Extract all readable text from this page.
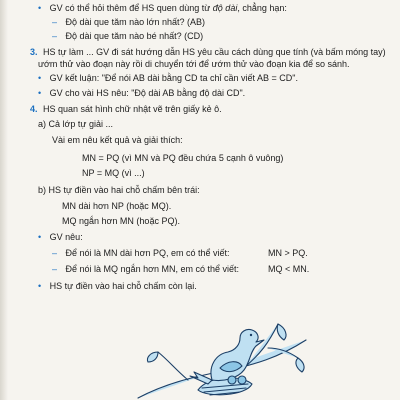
• GV có thể hỏi thêm để HS quen dùng từ độ dài, chẳng hạn:
– Độ dài que tăm nào lớn nhất? (AB)
– Độ dài que tăm nào bé nhất? (CD)
3. HS tự làm ... GV đi sát hướng dẫn HS yêu cầu cách dùng que tính (và bấm móng tay)
ướm thử vào đoạn này rồi di chuyển tới để ướm thử vào đoạn kia để so sánh.
• GV kết luận: "Để nói AB dài bằng CD ta chỉ cần viết AB = CD".
• GV cho vài HS nêu: "Độ dài AB bằng độ dài CD".
4. HS quan sát hình chữ nhật vẽ trên giấy kẻ ô.
a) Cả lớp tự giải ...
Vài em nêu kết quả và giải thích:
MN = PQ (vì MN và PQ đều chứa 5 cạnh ô vuông)
NP = MQ (vì ...)
b) HS tự điền vào hai chỗ chấm bên trái:
MN dài hơn NP (hoặc MQ).
MQ ngắn hơn MN (hoặc PQ).
• GV nêu:
– Để nói là MN dài hơn PQ, em có thể viết:	MN > PQ.
– Để nói là MQ ngắn hơn MN, em có thể viết:	MQ < MN.
• HS tự điền vào hai chỗ chấm còn lại.
